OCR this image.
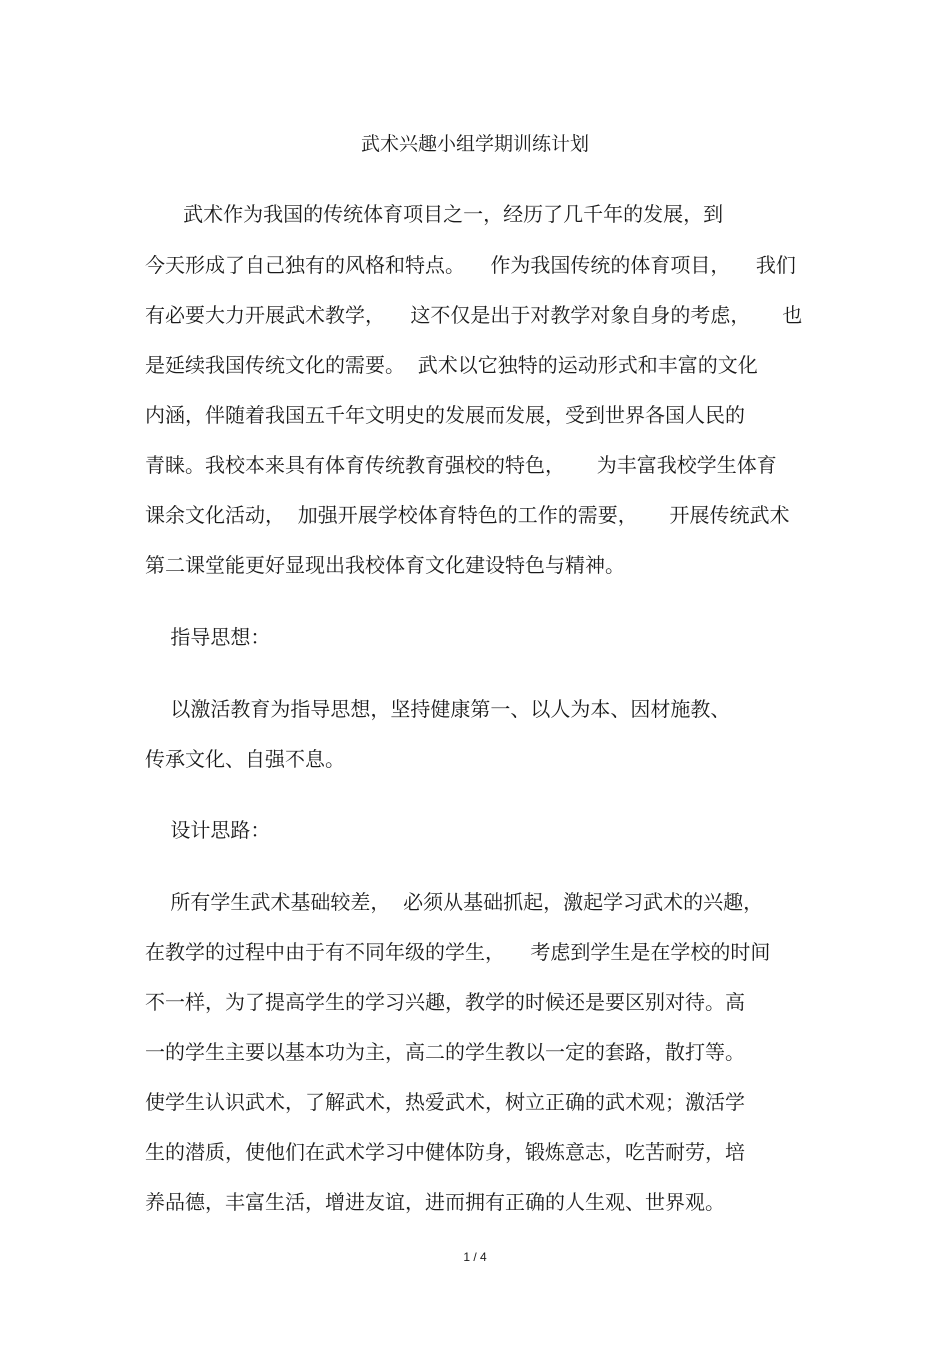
武术兴趣小组学期训练计划
武术作为我国的传统体育项目之一，经历了几千年的发展，到
今天形成了自己独有的风格和特点。    作为我国传统的体育项目，    我们
有必要大力开展武术教学，    这不仅是出于对教学对象自身的考虑，     也
是延续我国传统文化的需要。  武术以它独特的运动形式和丰富的文化
内涵，伴随着我国五千年文明史的发展而发展，受到世界各国人民的
青睐。我校本来具有体育传统教育强校的特色，     为丰富我校学生体育
课余文化活动，  加强开展学校体育特色的工作的需要，     开展传统武术
第二课堂能更好显现出我校体育文化建设特色与精神。
指导思想：
以激活教育为指导思想，坚持健康第一、以人为本、因材施教、
传承文化、自强不息。
设计思路：
所有学生武术基础较差，  必须从基础抓起，激起学习武术的兴趣，
在教学的过程中由于有不同年级的学生，    考虑到学生是在学校的时间
不一样，为了提高学生的学习兴趣，教学的时候还是要区别对待。高
一的学生主要以基本功为主，高二的学生教以一定的套路，散打等。
使学生认识武术，了解武术，热爱武术，树立正确的武术观；激活学
生的潜质，使他们在武术学习中健体防身，锻炼意志，吃苦耐劳，培
养品德，丰富生活，增进友谊，进而拥有正确的人生观、世界观。
1 / 4
